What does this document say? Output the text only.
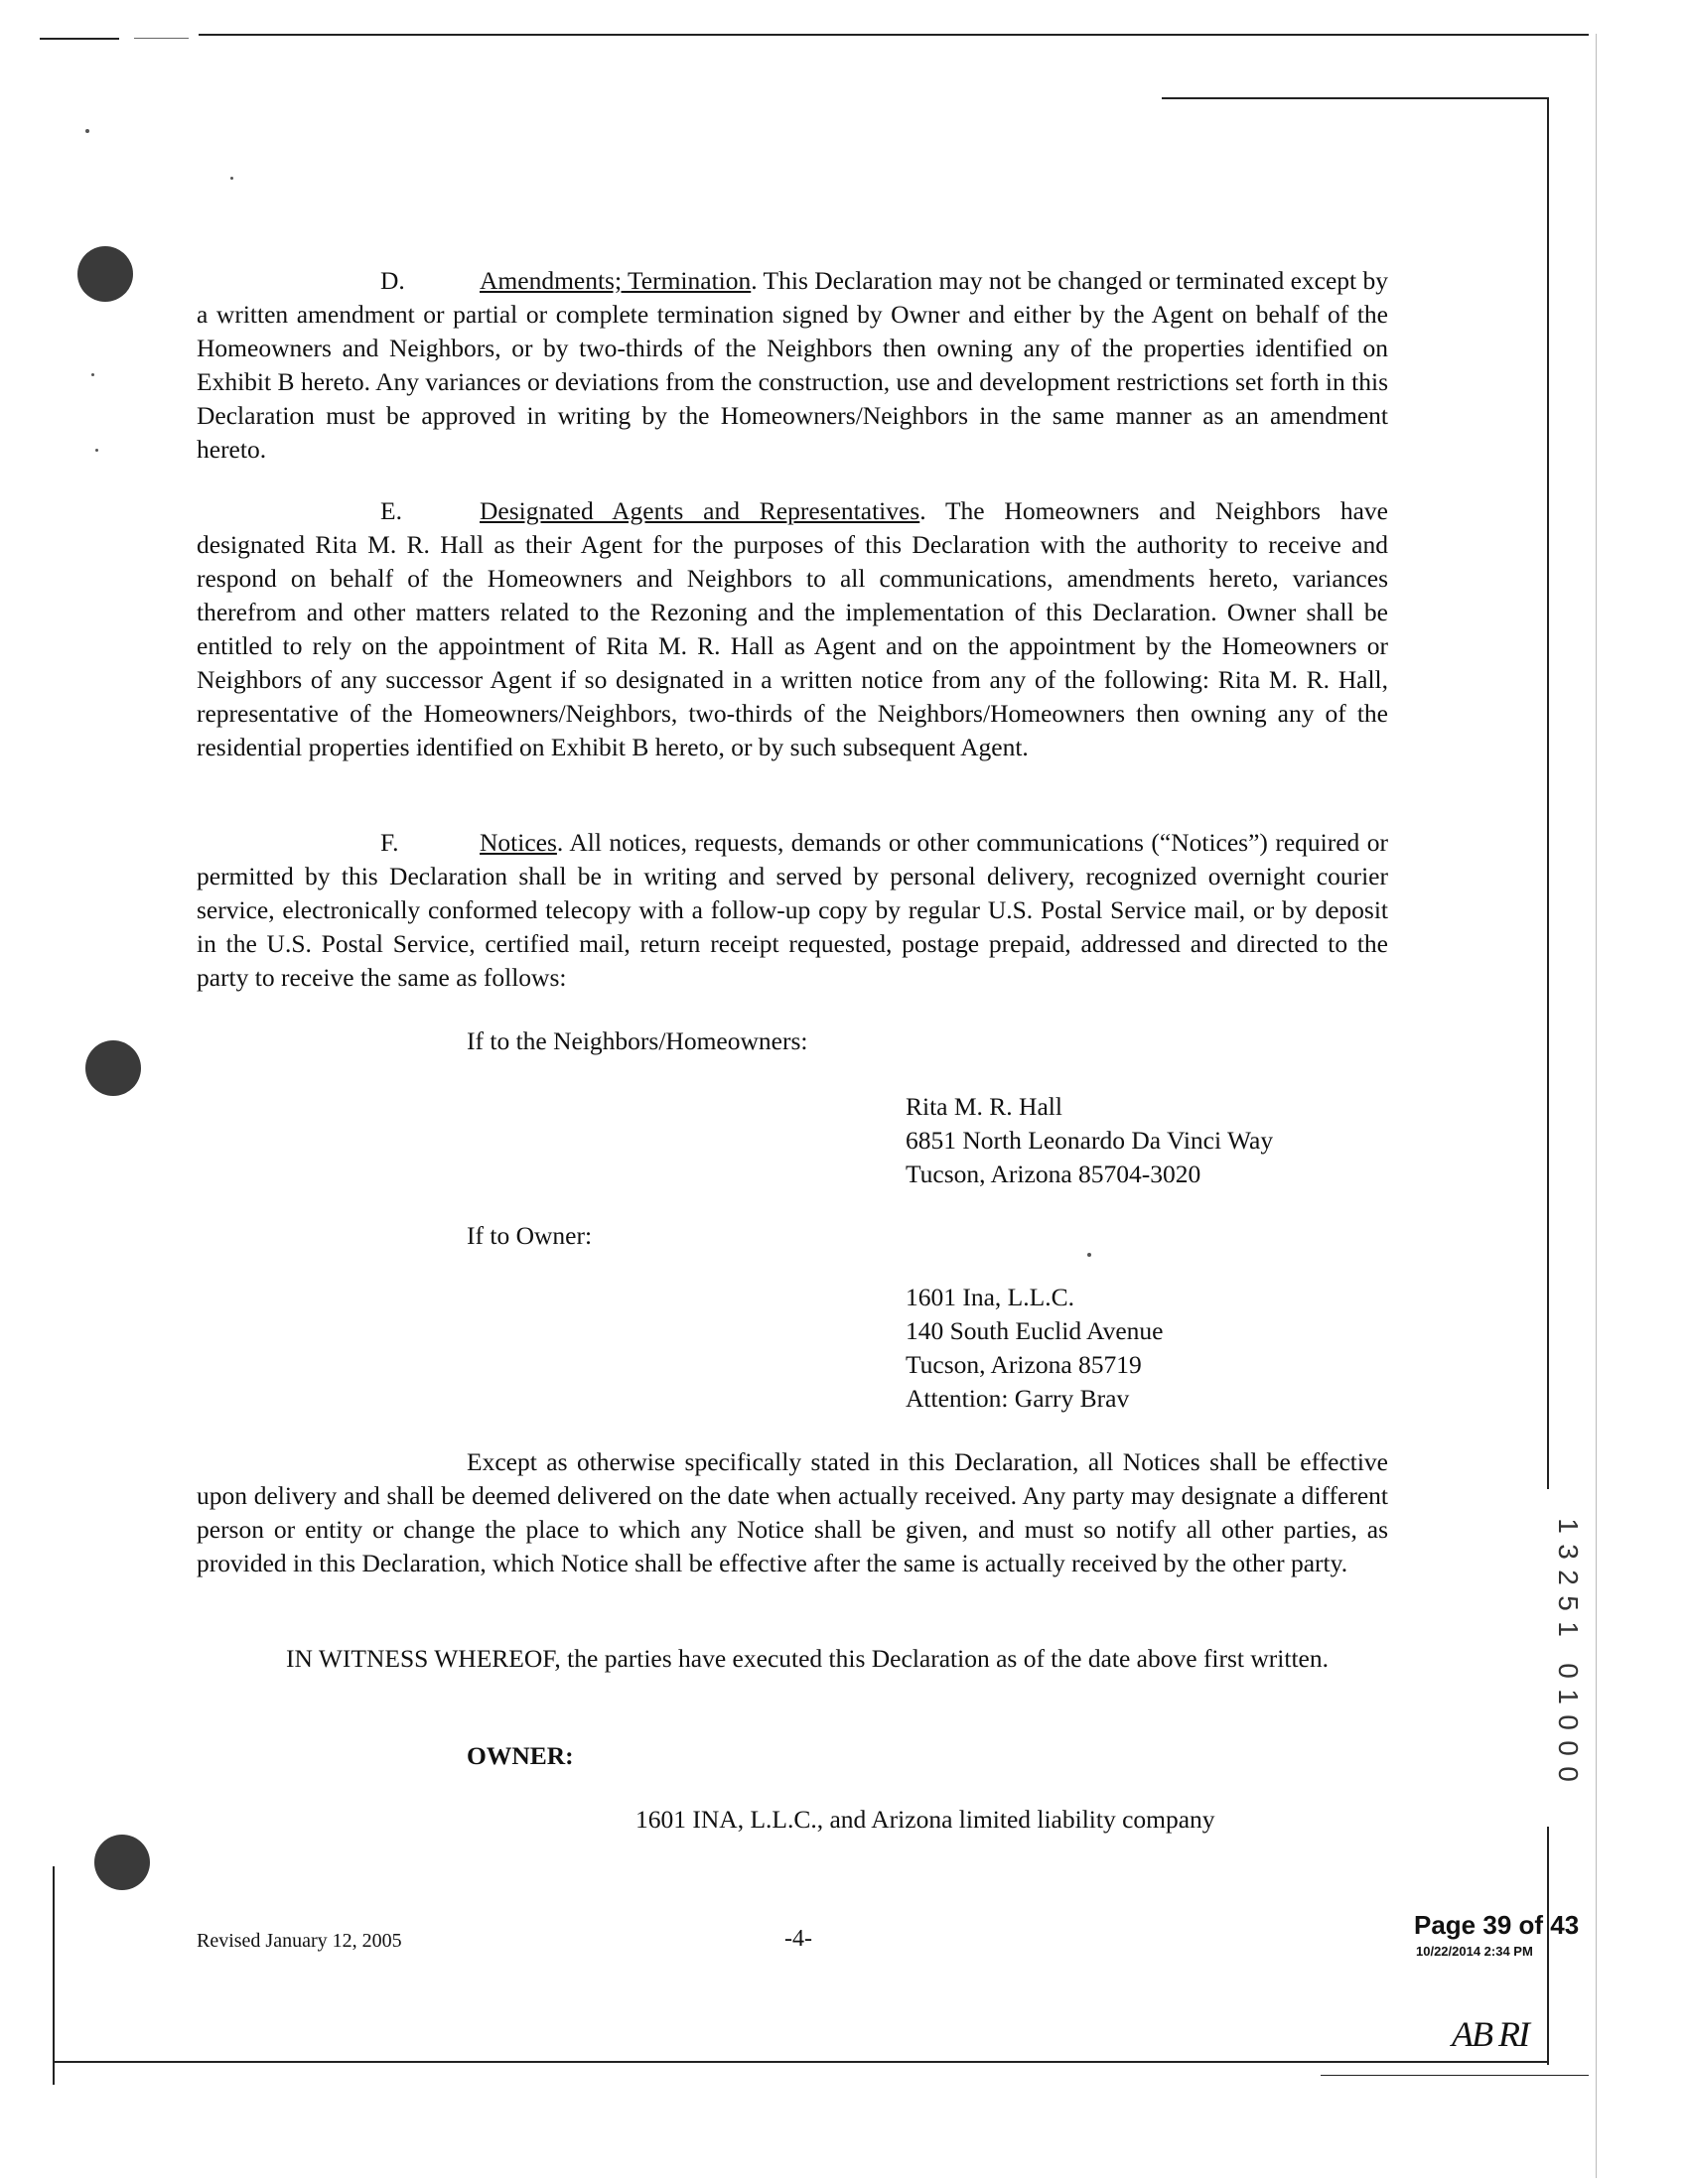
D.	Amendments; Termination. This Declaration may not be changed or terminated except by a written amendment or partial or complete termination signed by Owner and either by the Agent on behalf of the Homeowners and Neighbors, or by two-thirds of the Neighbors then owning any of the properties identified on Exhibit B hereto. Any variances or deviations from the construction, use and development restrictions set forth in this Declaration must be approved in writing by the Homeowners/Neighbors in the same manner as an amendment hereto.
E.	Designated Agents and Representatives. The Homeowners and Neighbors have designated Rita M. R. Hall as their Agent for the purposes of this Declaration with the authority to receive and respond on behalf of the Homeowners and Neighbors to all communications, amendments hereto, variances therefrom and other matters related to the Rezoning and the implementation of this Declaration. Owner shall be entitled to rely on the appointment of Rita M. R. Hall as Agent and on the appointment by the Homeowners or Neighbors of any successor Agent if so designated in a written notice from any of the following: Rita M. R. Hall, representative of the Homeowners/Neighbors, two-thirds of the Neighbors/Homeowners then owning any of the residential properties identified on Exhibit B hereto, or by such subsequent Agent.
F.	Notices. All notices, requests, demands or other communications (“Notices”) required or permitted by this Declaration shall be in writing and served by personal delivery, recognized overnight courier service, electronically conformed telecopy with a follow-up copy by regular U.S. Postal Service mail, or by deposit in the U.S. Postal Service, certified mail, return receipt requested, postage prepaid, addressed and directed to the party to receive the same as follows:
If to the Neighbors/Homeowners:
Rita M. R. Hall
6851 North Leonardo Da Vinci Way
Tucson, Arizona 85704-3020
If to Owner:
1601 Ina, L.L.C.
140 South Euclid Avenue
Tucson, Arizona 85719
Attention: Garry Brav
Except as otherwise specifically stated in this Declaration, all Notices shall be effective upon delivery and shall be deemed delivered on the date when actually received. Any party may designate a different person or entity or change the place to which any Notice shall be given, and must so notify all other parties, as provided in this Declaration, which Notice shall be effective after the same is actually received by the other party.
IN WITNESS WHEREOF, the parties have executed this Declaration as of the date above first written.
OWNER:
1601 INA, L.L.C., and Arizona limited liability company
1
3
2
5
1
0
1
0
0
0
Revised January 12, 2005	-4-	Page 39 of 43
10/22/2014 2:34 PM
AB RI
